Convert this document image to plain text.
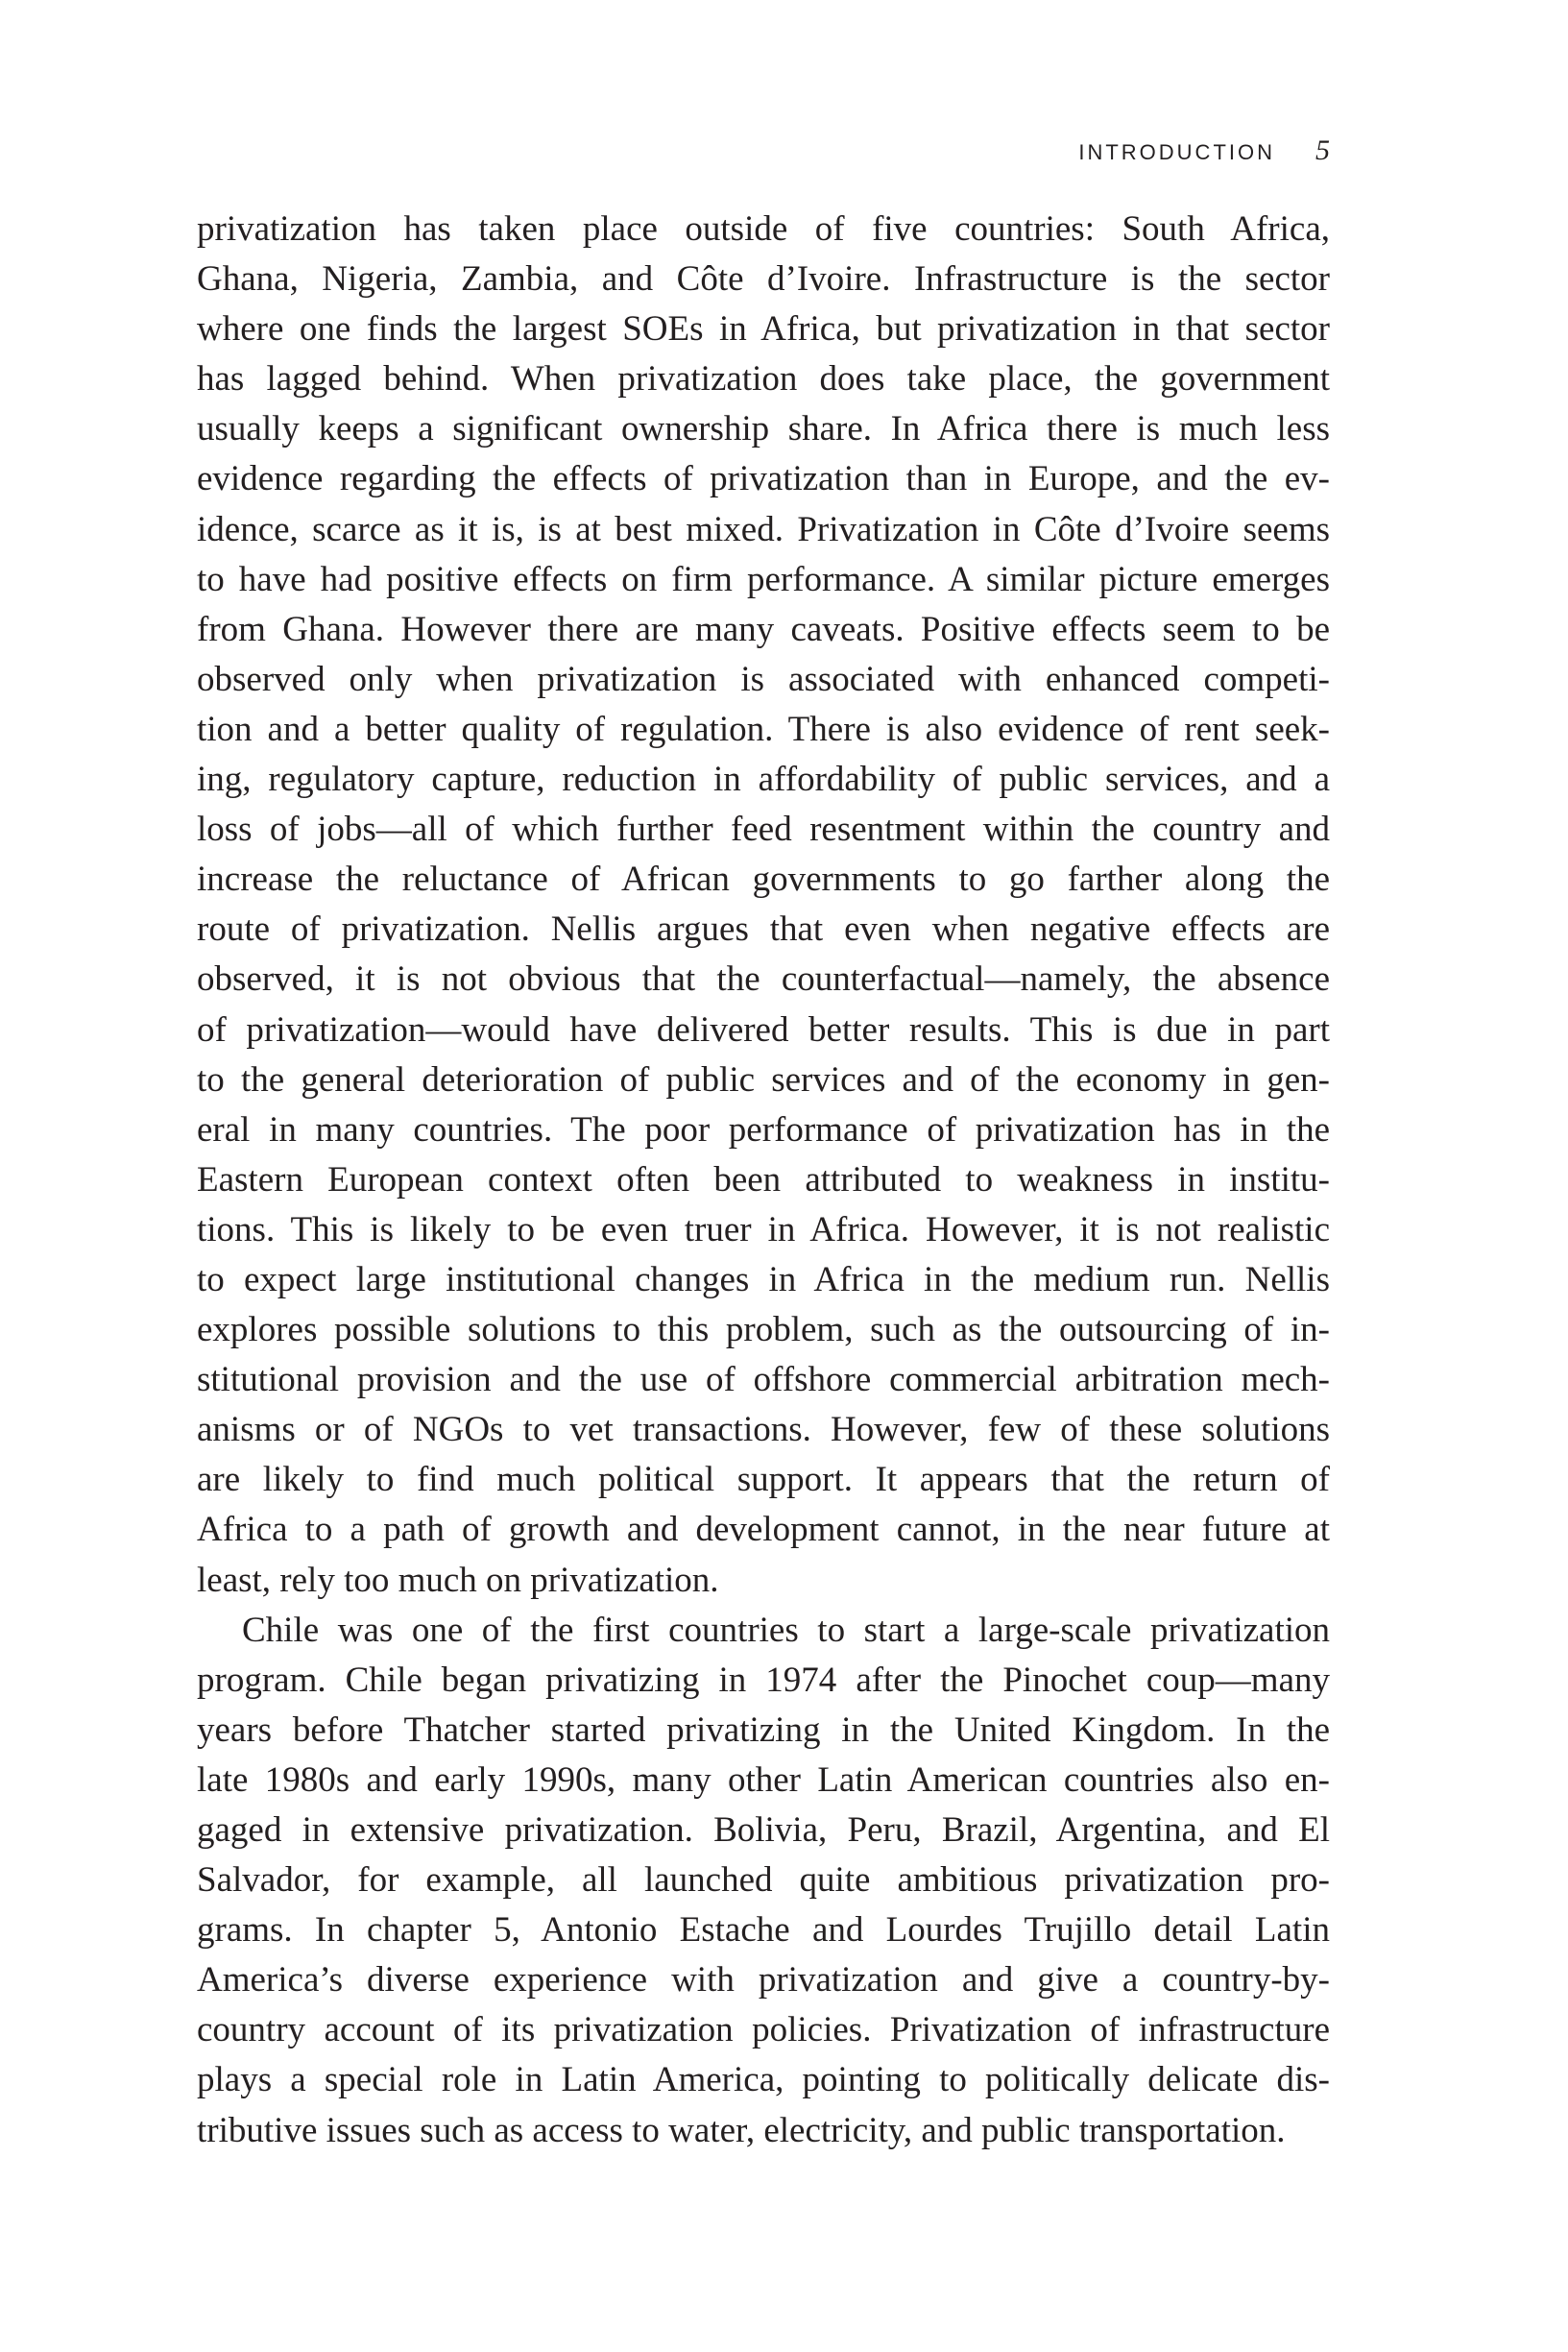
INTRODUCTION 5
privatization has taken place outside of five countries: South Africa,
Ghana, Nigeria, Zambia, and Côte d’Ivoire. Infrastructure is the sector
where one finds the largest SOEs in Africa, but privatization in that sector
has lagged behind. When privatization does take place, the government
usually keeps a significant ownership share. In Africa there is much less
evidence regarding the effects of privatization than in Europe, and the ev-
idence, scarce as it is, is at best mixed. Privatization in Côte d’Ivoire seems
to have had positive effects on firm performance. A similar picture emerges
from Ghana. However there are many caveats. Positive effects seem to be
observed only when privatization is associated with enhanced competi-
tion and a better quality of regulation. There is also evidence of rent seek-
ing, regulatory capture, reduction in affordability of public services, and a
loss of jobs—all of which further feed resentment within the country and
increase the reluctance of African governments to go farther along the
route of privatization. Nellis argues that even when negative effects are
observed, it is not obvious that the counterfactual—namely, the absence
of privatization—would have delivered better results. This is due in part
to the general deterioration of public services and of the economy in gen-
eral in many countries. The poor performance of privatization has in the
Eastern European context often been attributed to weakness in institu-
tions. This is likely to be even truer in Africa. However, it is not realistic
to expect large institutional changes in Africa in the medium run. Nellis
explores possible solutions to this problem, such as the outsourcing of in-
stitutional provision and the use of offshore commercial arbitration mech-
anisms or of NGOs to vet transactions. However, few of these solutions
are likely to find much political support. It appears that the return of
Africa to a path of growth and development cannot, in the near future at
least, rely too much on privatization.
Chile was one of the first countries to start a large-scale privatization
program. Chile began privatizing in 1974 after the Pinochet coup—many
years before Thatcher started privatizing in the United Kingdom. In the
late 1980s and early 1990s, many other Latin American countries also en-
gaged in extensive privatization. Bolivia, Peru, Brazil, Argentina, and El
Salvador, for example, all launched quite ambitious privatization pro-
grams. In chapter 5, Antonio Estache and Lourdes Trujillo detail Latin
America’s diverse experience with privatization and give a country-by-
country account of its privatization policies. Privatization of infrastructure
plays a special role in Latin America, pointing to politically delicate dis-
tributive issues such as access to water, electricity, and public transportation.
